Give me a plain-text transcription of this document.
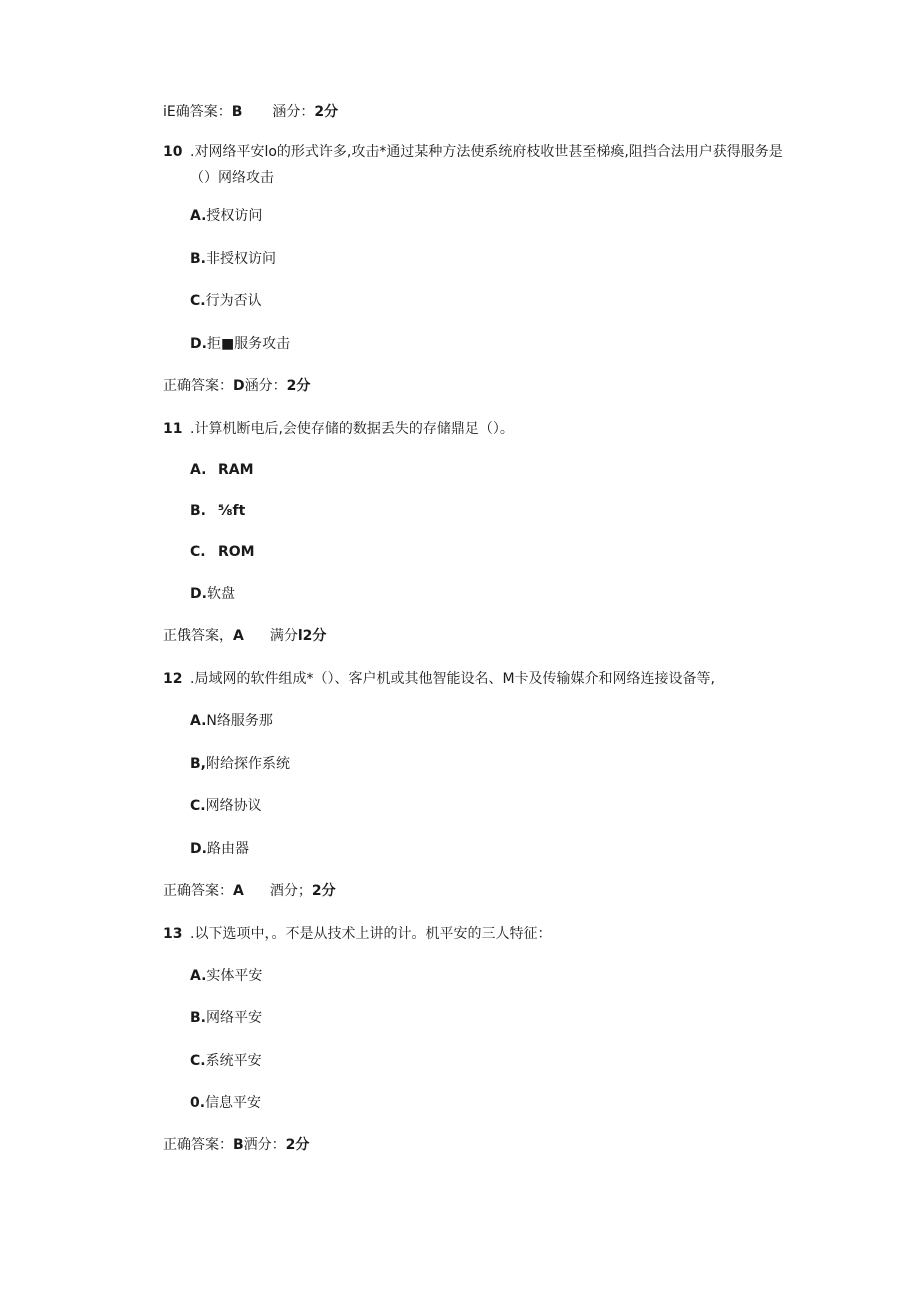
iE确答案：B 涵分：2分
10 .对网络平安lo的形式许多,攻击*通过某种方法使系统府枝收世甚至梯瘓,阻挡合法用户获得服务是（）网络攻击
A.授权访问
B.非授权访问
C.行为否认
D.拒■服务攻击
正确答案：D涵分：2分
11 .计算机断电后,会使存储的数据丢失的存储鼎足（）。
A. RAM
B. ⅝ft
C. ROM
D.软盘
正俄答案，A 满分l2分
12 .局域网的软件组成*（）、客户机或其他智能设名、M卡及传输媒介和网络连接设备等,
A.N络服务那
B,附给探作系统
C.网络协议
D.路由器
正确答案：A 酒分；2分
13 .以下选项中，。不是从技术上讲的计。机平安的三人特征：
A.实体平安
B.网络平安
C.系统平安
0.信息平安
正确答案：B洒分：2分
